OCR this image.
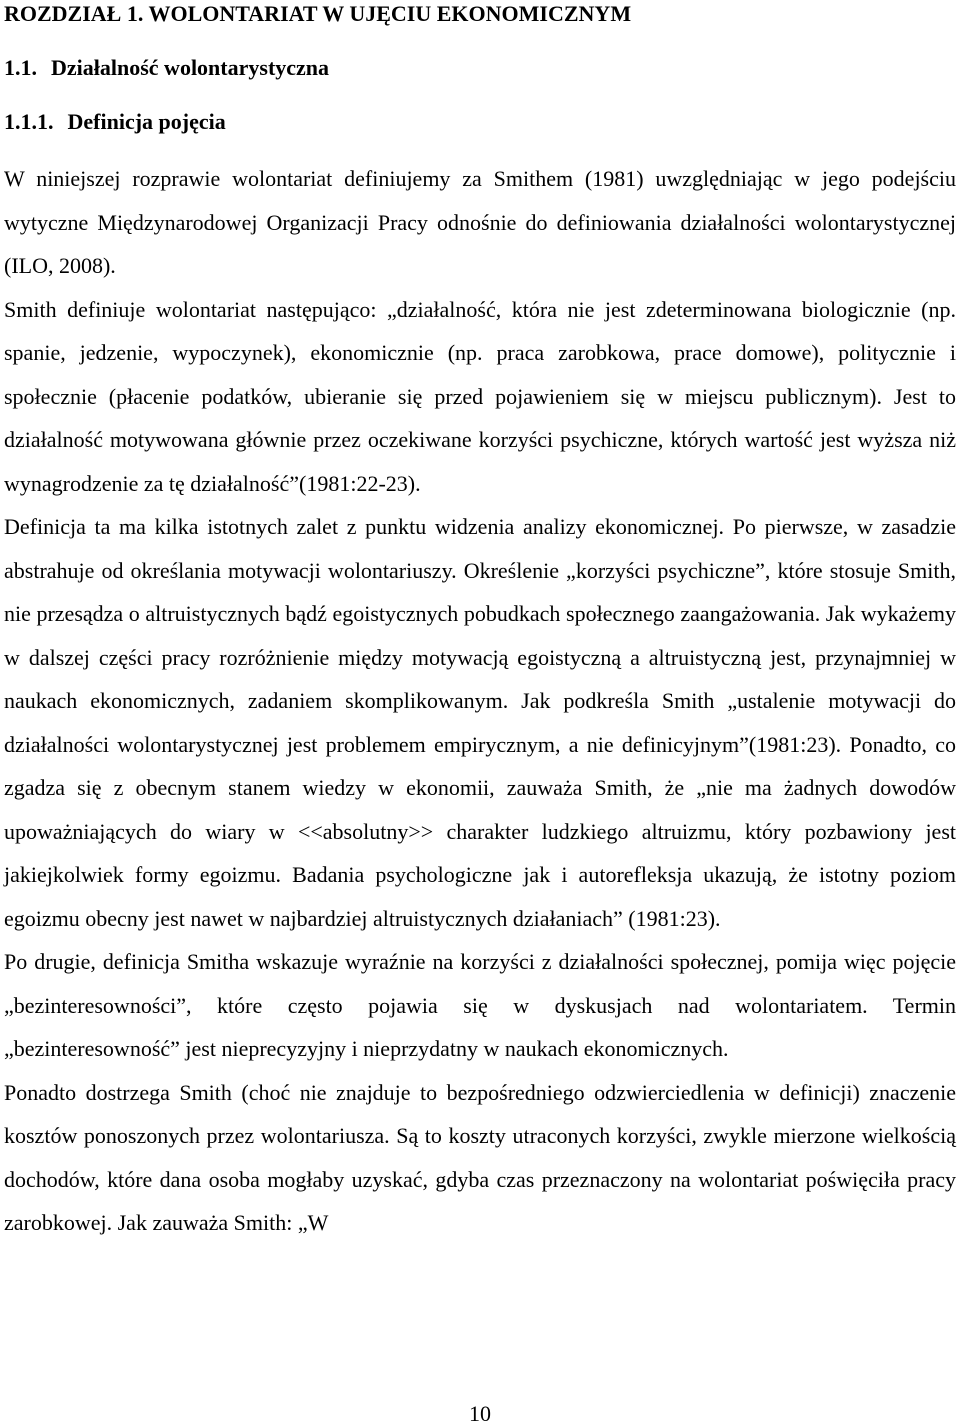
ROZDZIAŁ 1. WOLONTARIAT W UJĘCIU EKONOMICZNYM
1.1. Działalność wolontarystyczna
1.1.1. Definicja pojęcia

W niniejszej rozprawie wolontariat definiujemy za Smithem (1981) uwzględniając w jego podejściu wytyczne Międzynarodowej Organizacji Pracy odnośnie do definiowania działalności wolontarystycznej (ILO, 2008).

Smith definiuje wolontariat następująco: „działalność, która nie jest zdeterminowana biologicznie (np. spanie, jedzenie, wypoczynek), ekonomicznie (np. praca zarobkowa, prace domowe), politycznie i społecznie (płacenie podatków, ubieranie się przed pojawieniem się w miejscu publicznym). Jest to działalność motywowana głównie przez oczekiwane korzyści psychiczne, których wartość jest wyższa niż wynagrodzenie za tę działalność”(1981:22-23).

Definicja ta ma kilka istotnych zalet z punktu widzenia analizy ekonomicznej. Po pierwsze, w zasadzie abstrahuje od określania motywacji wolontariuszy. Określenie „korzyści psychiczne”, które stosuje Smith, nie przesądza o altruistycznych bądź egoistycznych pobudkach społecznego zaangażowania. Jak wykażemy w dalszej części pracy rozróżnienie między motywacją egoistyczną a altruistyczną jest, przynajmniej w naukach ekonomicznych, zadaniem skomplikowanym. Jak podkreśla Smith „ustalenie motywacji do działalności wolontarystycznej jest problemem empirycznym, a nie definicyjnym”(1981:23). Ponadto, co zgadza się z obecnym stanem wiedzy w ekonomii, zauważa Smith, że „nie ma żadnych dowodów upoważniających do wiary w <<absolutny>> charakter ludzkiego altruizmu, który pozbawiony jest jakiejkolwiek formy egoizmu. Badania psychologiczne jak i autorefleksja ukazują, że istotny poziom egoizmu obecny jest nawet w najbardziej altruistycznych działaniach” (1981:23).

Po drugie, definicja Smitha wskazuje wyraźnie na korzyści z działalności społecznej, pomija więc pojęcie „bezinteresowności”, które często pojawia się w dyskusjach nad wolontariatem. Termin „bezinteresowność” jest nieprecyzyjny i nieprzydatny w naukach ekonomicznych.

Ponadto dostrzega Smith (choć nie znajduje to bezpośredniego odzwierciedlenia w definicji) znaczenie kosztów ponoszonych przez wolontariusza. Są to koszty utraconych korzyści, zwykle mierzone wielkością dochodów, które dana osoba mogłaby uzyskać, gdyba czas przeznaczony na wolontariat poświęciła pracy zarobkowej. Jak zauważa Smith: „W

10
